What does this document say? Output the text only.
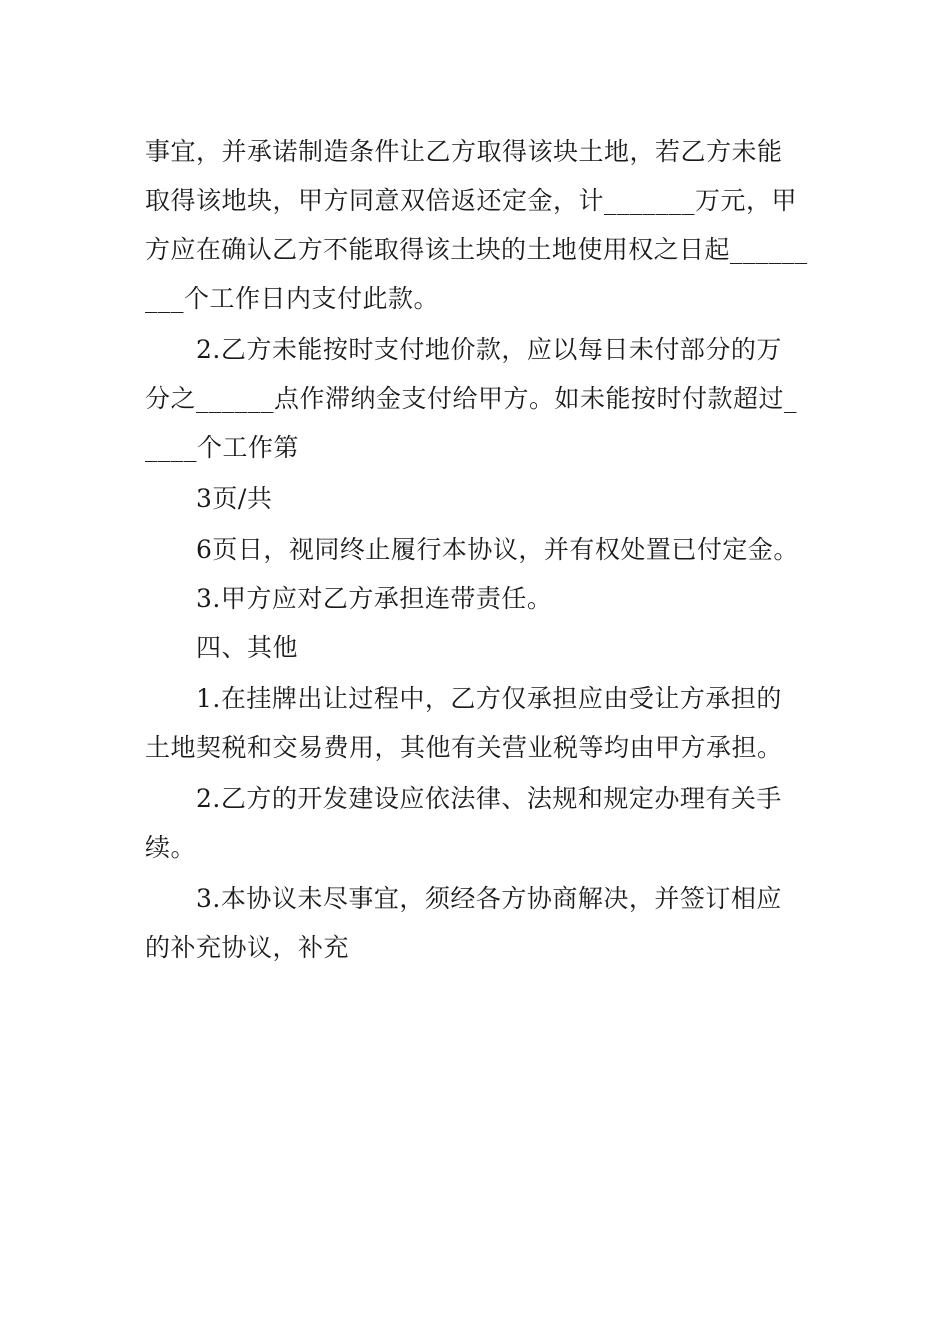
事宜，并承诺制造条件让乙方取得该块土地，若乙方未能
取得该地块，甲方同意双倍返还定金，计_______万元，甲
方应在确认乙方不能取得该土块的土地使用权之日起______
___个工作日内支付此款。
2.乙方未能按时支付地价款，应以每日未付部分的万
分之______点作滞纳金支付给甲方。如未能按时付款超过_
____个工作第
3页/共
6页日，视同终止履行本协议，并有权处置已付定金。
3.甲方应对乙方承担连带责任。
四、其他
1.在挂牌出让过程中，乙方仅承担应由受让方承担的
土地契税和交易费用，其他有关营业税等均由甲方承担。
2.乙方的开发建设应依法律、法规和规定办理有关手
续。
3.本协议未尽事宜，须经各方协商解决，并签订相应
的补充协议，补充
